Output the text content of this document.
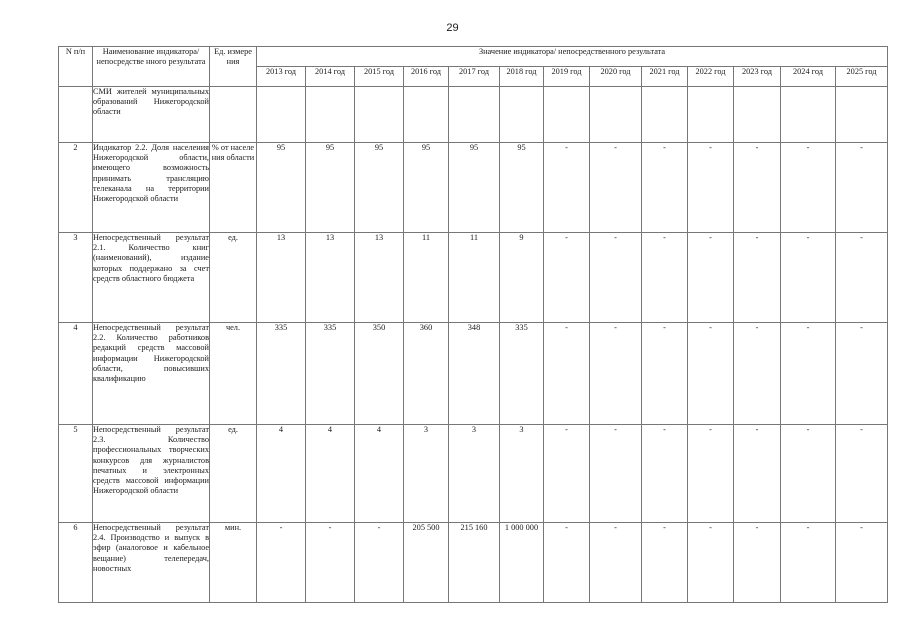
29
N п/п	Наименование индикатора/непосредстве нного результата	Ед. измере ния	Значение индикатора/ непосредственного результата												
			2013 год	2014 год	2015 год	2016 год	2017 год	2018 год	2019 год	2020 год	2021 год	2022 год	2023 год	2024 год	2025 год
	СМИ жителей муниципальных образований Нижегородской области														
2	Индикатор 2.2. Доля населения Нижегородской области, имеющего возможность принимать трансляцию телеканала на территории Нижегородской области	% от населе ния области	95	95	95	95	95	95	-	-	-	-	-	-	-
3	Непосредственный результат 2.1. Количество книг (наименований), издание которых поддержано за счет средств областного бюджета	ед.	13	13	13	11	11	9	-	-	-	-	-	-	-
4	Непосредственный результат 2.2. Количество работников редакций средств массовой информации Нижегородской области, повысивших квалификацию	чел.	335	335	350	360	348	335	-	-	-	-	-	-	-
5	Непосредственный результат 2.3. Количество профессиональных творческих конкурсов для журналистов печатных и электронных средств массовой информации Нижегородской области	ед.	4	4	4	3	3	3	-	-	-	-	-	-	-
6	Непосредственный результат 2.4. Производство и выпуск в эфир (аналоговое и кабельное вещание) телепередач, новостных	мин.	-	-	-	205 500	215 160	1 000 000	-	-	-	-	-	-	-
